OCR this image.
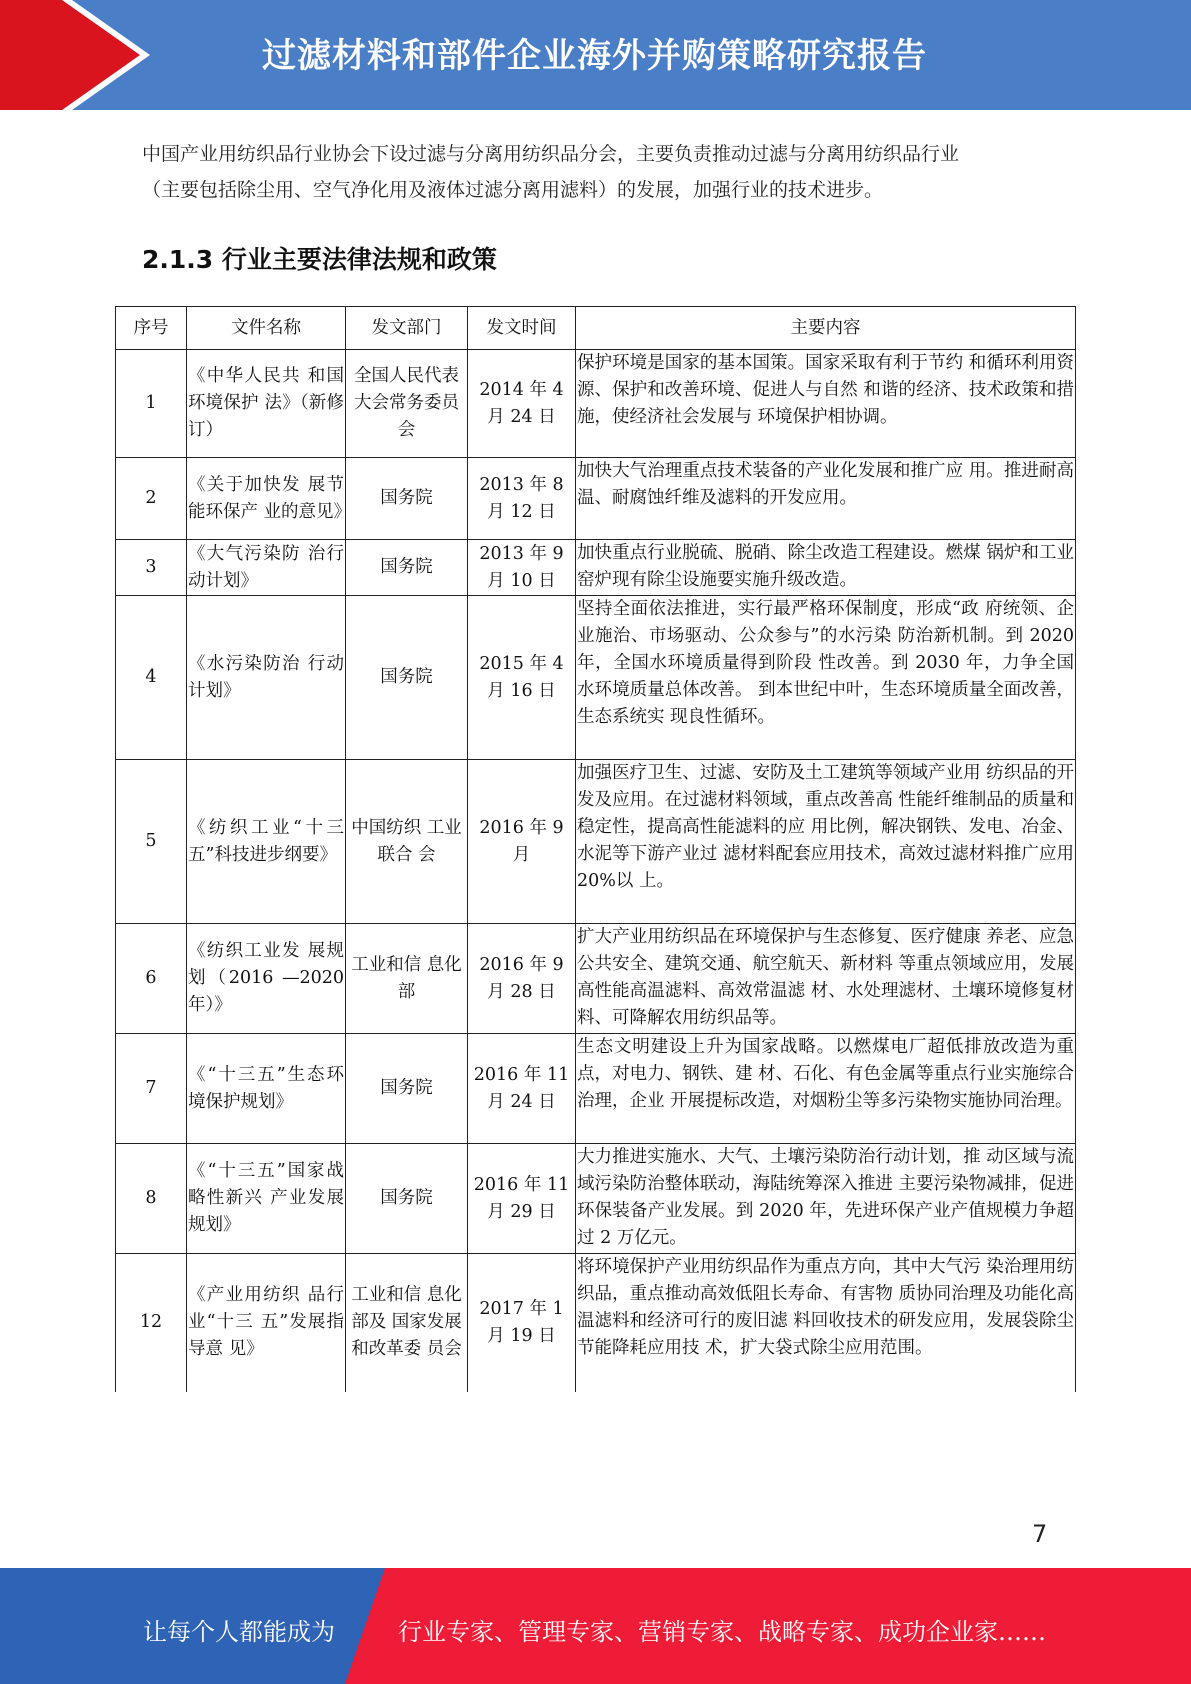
过滤材料和部件企业海外并购策略研究报告

中国产业用纺织品行业协会下设过滤与分离用纺织品分会，主要负责推动过滤与分离用纺织品行业

（主要包括除尘用、空气净化用及液体过滤分离用滤料）的发展，加强行业的技术进步。

2.1.3 行业主要法律法规和政策
序号	文件名称	发文部门	发文时间	主要内容
1	《中华人民共 和国环境保护 法》（新修订）	全国人民代表大会常务委员会	2014 年 4 月 24 日	保护环境是国家的基本国策。国家采取有利于节约 和循环利用资源、保护和改善环境、促进人与自然 和谐的经济、技术政策和措施，使经济社会发展与 环境保护相协调。
2	《关于加快发 展节能环保产 业的意见》	国务院	2013 年 8 月 12 日	加快大气治理重点技术装备的产业化发展和推广应 用。推进耐高温、耐腐蚀纤维及滤料的开发应用。
3	《大气污染防 治行动计划》	国务院	2013 年 9 月 10 日	加快重点行业脱硫、脱硝、除尘改造工程建设。燃煤 锅炉和工业窑炉现有除尘设施要实施升级改造。
4	《水污染防治 行动计划》	国务院	2015 年 4 月 16 日	坚持全面依法推进，实行最严格环保制度，形成“政 府统领、企业施治、市场驱动、公众参与”的水污染 防治新机制。到 2020 年，全国水环境质量得到阶段 性改善。到 2030 年，力争全国水环境质量总体改善。 到本世纪中叶，生态环境质量全面改善，生态系统实 现良性循环。
5	《纺织工业“十三五”科技进步纲要》	中国纺织 工业联合 会	2016 年 9 月	加强医疗卫生、过滤、安防及土工建筑等领域产业用 纺织品的开发及应用。在过滤材料领域，重点改善高 性能纤维制品的质量和稳定性，提高高性能滤料的应 用比例，解决钢铁、发电、冶金、水泥等下游产业过 滤材料配套应用技术，高效过滤材料推广应用 20%以 上。
6	《纺织工业发 展规划（2016 —2020 年）》	工业和信 息化部	2016 年 9 月 28 日	扩大产业用纺织品在环境保护与生态修复、医疗健康 养老、应急公共安全、建筑交通、航空航天、新材料 等重点领域应用，发展高性能高温滤料、高效常温滤 材、水处理滤材、土壤环境修复材料、可降解农用纺织品等。
7	《“十三五”生态环境保护规划》	国务院	2016 年 11 月 24 日	生态文明建设上升为国家战略。以燃煤电厂超低排放改造为重点，对电力、钢铁、建 材、石化、有色金属等重点行业实施综合治理，企业 开展提标改造，对烟粉尘等多污染物实施协同治理。
8	《“十三五”国家战略性新兴 产业发展规划》	国务院	2016 年 11 月 29 日	大力推进实施水、大气、土壤污染防治行动计划，推 动区域与流域污染防治整体联动，海陆统筹深入推进 主要污染物减排，促进环保装备产业发展。到 2020 年，先进环保产业产值规模力争超过 2 万亿元。
12	《产业用纺织 品行业“十三 五”发展指导意 见》	工业和信 息化部及 国家发展 和改革委 员会	2017 年 1 月 19 日	将环境保护产业用纺织品作为重点方向，其中大气污 染治理用纺织品，重点推动高效低阻长寿命、有害物 质协同治理及功能化高温滤料和经济可行的废旧滤 料回收技术的研发应用，发展袋除尘节能降耗应用技 术，扩大袋式除尘应用范围。
7
让每个人都能成为	行业专家、管理专家、营销专家、战略专家、成功企业家……
